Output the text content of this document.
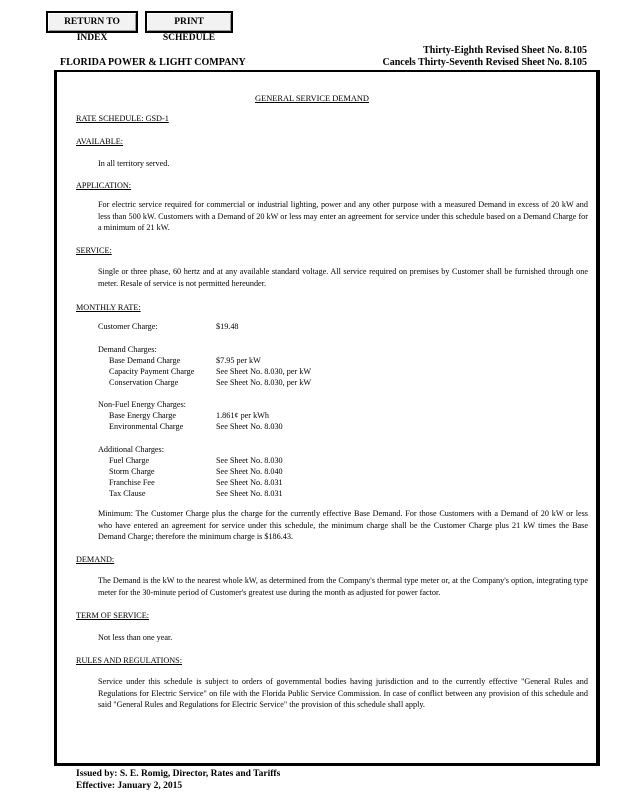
RETURN TO INDEX
PRINT SCHEDULE
Thirty-Eighth Revised Sheet No. 8.105
FLORIDA POWER & LIGHT COMPANY	Cancels Thirty-Seventh Revised Sheet No. 8.105
GENERAL SERVICE DEMAND
RATE SCHEDULE: GSD-1
AVAILABLE:
In all territory served.
APPLICATION:
For electric service required for commercial or industrial lighting, power and any other purpose with a measured Demand in excess of 20 kW and less than 500 kW. Customers with a Demand of 20 kW or less may enter an agreement for service under this schedule based on a Demand Charge for a minimum of 21 kW.
SERVICE:
Single or three phase, 60 hertz and at any available standard voltage. All service required on premises by Customer shall be furnished through one meter. Resale of service is not permitted hereunder.
MONTHLY RATE:
Customer Charge:	$19.48
Demand Charges:
Base Demand Charge	$7.95 per kW
Capacity Payment Charge	See Sheet No. 8.030, per kW
Conservation Charge	See Sheet No. 8.030, per kW
Non-Fuel Energy Charges:
Base Energy Charge	1.861¢ per kWh
Environmental Charge	See Sheet No. 8.030
Additional Charges:
Fuel Charge	See Sheet No. 8.030
Storm Charge	See Sheet No. 8.040
Franchise Fee	See Sheet No. 8.031
Tax Clause	See Sheet No. 8.031
Minimum: The Customer Charge plus the charge for the currently effective Base Demand. For those Customers with a Demand of 20 kW or less who have entered an agreement for service under this schedule, the minimum charge shall be the Customer Charge plus 21 kW times the Base Demand Charge; therefore the minimum charge is $186.43.
DEMAND:
The Demand is the kW to the nearest whole kW, as determined from the Company's thermal type meter or, at the Company's option, integrating type meter for the 30-minute period of Customer's greatest use during the month as adjusted for power factor.
TERM OF SERVICE:
Not less than one year.
RULES AND REGULATIONS:
Service under this schedule is subject to orders of governmental bodies having jurisdiction and to the currently effective "General Rules and Regulations for Electric Service" on file with the Florida Public Service Commission. In case of conflict between any provision of this schedule and said "General Rules and Regulations for Electric Service" the provision of this schedule shall apply.
Issued by: S. E. Romig, Director, Rates and Tariffs
Effective: January 2, 2015
